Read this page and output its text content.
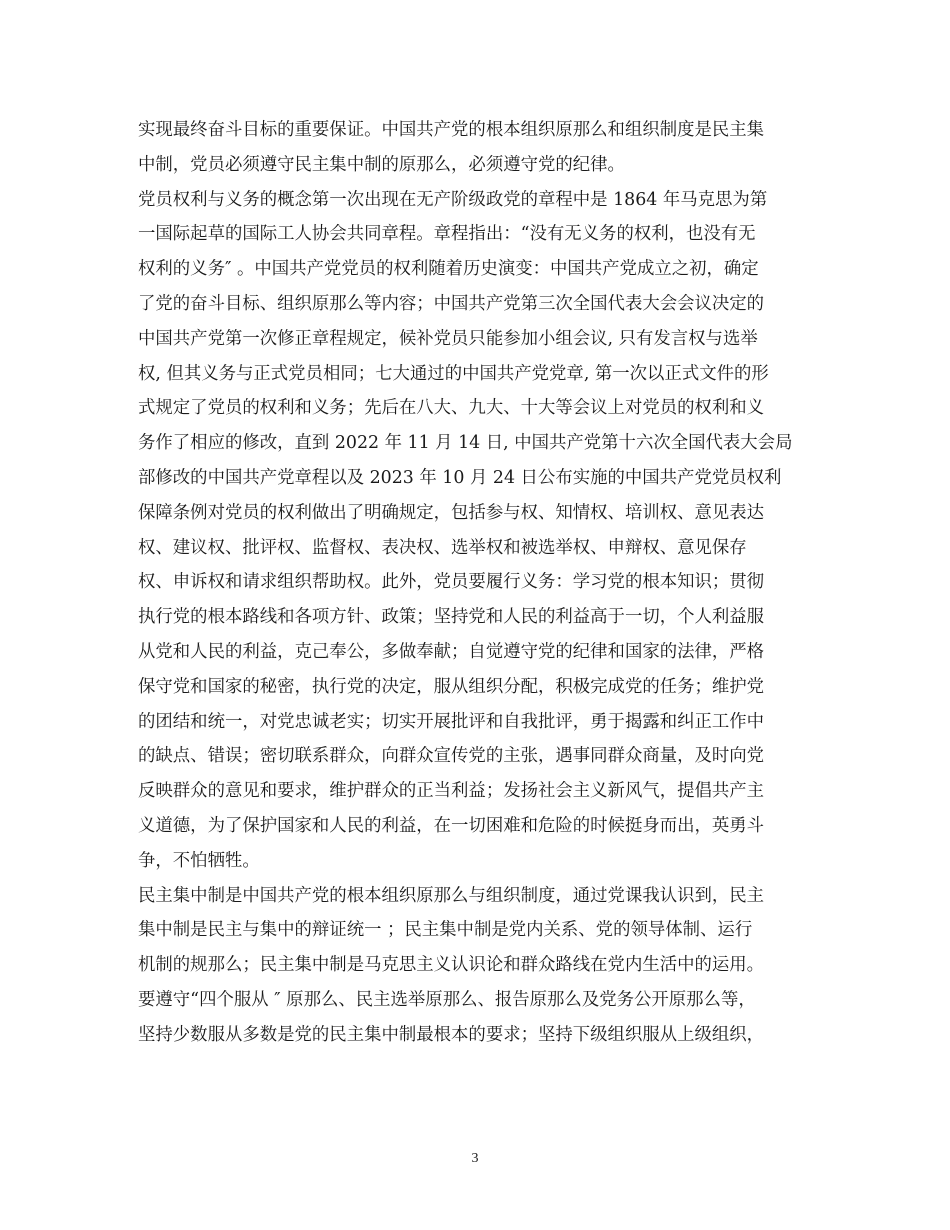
实现最终奋斗目标的重要保证。中国共产党的根本组织原那么和组织制度是民主集
中制，党员必须遵守民主集中制的原那么，必须遵守党的纪律。
党员权利与义务的概念第一次出现在无产阶级政党的章程中是 1864 年马克思为第
一国际起草的国际工人协会共同章程。章程指出：“没有无义务的权利，也没有无
权利的义务″ 。中国共产党党员的权利随着历史演变：中国共产党成立之初，确定
了党的奋斗目标、组织原那么等内容；中国共产党第三次全国代表大会会议决定的
中国共产党第一次修正章程规定，候补党员只能参加小组会议, 只有发言权与选举
权, 但其义务与正式党员相同；七大通过的中国共产党党章, 第一次以正式文件的形
式规定了党员的权利和义务；先后在八大、九大、十大等会议上对党员的权利和义
务作了相应的修改，直到 2022 年 11 月 14 日, 中国共产党第十六次全国代表大会局
部修改的中国共产党章程以及 2023 年 10 月 24 日公布实施的中国共产党党员权利
保障条例对党员的权利做出了明确规定，包括参与权、知情权、培训权、意见表达
权、建议权、批评权、监督权、表决权、选举权和被选举权、申辩权、意见保存
权、申诉权和请求组织帮助权。此外，党员要履行义务：学习党的根本知识；贯彻
执行党的根本路线和各项方针、政策；坚持党和人民的利益高于一切，个人利益服
从党和人民的利益，克己奉公，多做奉献；自觉遵守党的纪律和国家的法律，严格
保守党和国家的秘密，执行党的决定，服从组织分配，积极完成党的任务；维护党
的团结和统一，对党忠诚老实；切实开展批评和自我批评，勇于揭露和纠正工作中
的缺点、错误；密切联系群众，向群众宣传党的主张，遇事同群众商量，及时向党
反映群众的意见和要求，维护群众的正当利益；发扬社会主义新风气，提倡共产主
义道德，为了保护国家和人民的利益，在一切困难和危险的时候挺身而出，英勇斗
争，不怕牺牲。
民主集中制是中国共产党的根本组织原那么与组织制度，通过党课我认识到，民主
集中制是民主与集中的辩证统一 ；民主集中制是党内关系、党的领导体制、运行
机制的规那么；民主集中制是马克思主义认识论和群众路线在党内生活中的运用。
要遵守“四个服从 ″ 原那么、民主选举原那么、报告原那么及党务公开原那么等，
坚持少数服从多数是党的民主集中制最根本的要求；坚持下级组织服从上级组织，
3
